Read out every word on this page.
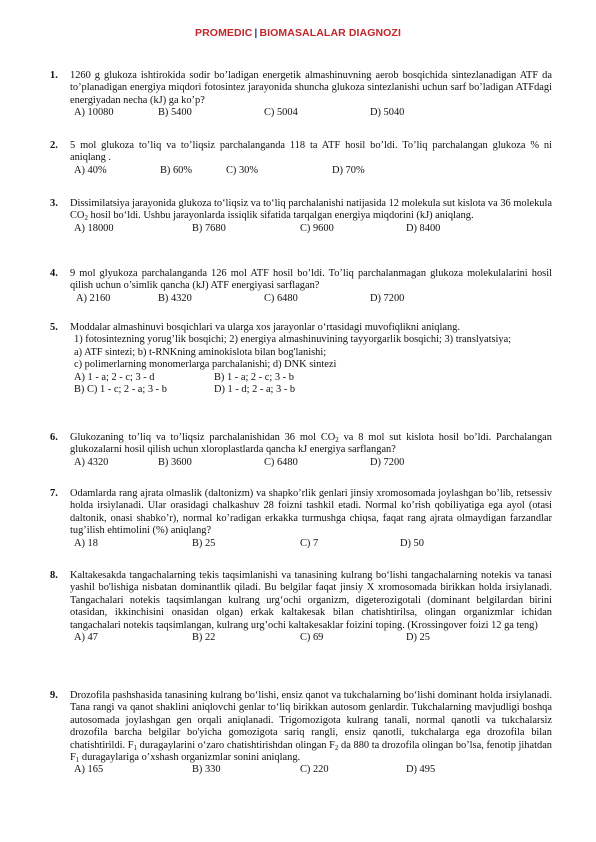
PROMEDIC | BIOMASALALAR DIAGNOZI
1. 1260 g glukoza ishtirokida sodir bo’ladigan energetik almashinuvning aerob bosqichida sintezlanadigan ATF da to’planadigan energiya miqdori fotosintez jarayonida shuncha glukoza sintezlanishi uchun sarf bo’ladigan ATFdagi energiyadan necha (kJ) ga ko’p?
A) 10080	B) 5400	C) 5004	D) 5040
2. 5 mol glukoza to’liq va to’liqsiz parchalanganda 118 ta ATF hosil bo’ldi. To’liq parchalangan glukoza % ni aniqlang .
A) 40%	B) 60%	C) 30%	D) 70%
3. Dissimilatsiya jarayonida glukoza to‘liqsiz va to‘liq parchalanishi natijasida 12 molekula sut kislota va 36 molekula $CO_2$ hosil bo‘ldi. Ushbu jarayonlarda issiqlik sifatida tarqalgan energiya miqdorini (kJ) aniqlang.
A) 18000	B) 7680	C) 9600	D) 8400
4. 9 mol glyukoza parchalanganda 126 mol ATF hosil bo’ldi. To’liq parchalanmagan glukoza molekulalarini hosil qilish uchun o’simlik qancha (kJ) ATF energiyasi sarflagan?
A) 2160	B) 4320	C) 6480	D) 7200
5. Moddalar almashinuvi bosqichlari va ularga xos jarayonlar o‘rtasidagi muvofiqlikni aniqlang.
1) fotosintezning yorug’lik bosqichi; 2) energiya almashinuvining tayyorgarlik bosqichi; 3) translyatsiya;
a) ATF sintezi; b) t-RNKning aminokislota bilan bog'lanishi;
c) polimerlarning monomerlarga parchalanishi; d) DNK sintezi
A) 1 - a; 2 - c; 3 - d	B) 1 - a; 2 - c; 3 - b
B) C) 1 - c; 2 - a; 3 - b	D) 1 - d; 2 - a; 3 - b
6. Glukozaning to’liq va to’liqsiz parchalanishidan 36 mol $CO_2$ va 8 mol sut kislota hosil bo’ldi. Parchalangan glukozalarni hosil qilish uchun xloroplastlarda qancha kJ energiya sarflangan?
A) 4320	B) 3600	C) 6480	D) 7200
7. Odamlarda rang ajrata olmaslik (daltonizm) va shapko’rlik genlari jinsiy xromosomada joylashgan bo’lib, retsessiv holda irsiylanadi. Ular orasidagi chalkashuv 28 foizni tashkil etadi. Normal ko’rish qobiliyatiga ega ayol (otasi daltonik, onasi shabko’r), normal ko’radigan erkakka turmushga chiqsa, faqat rang ajrata olmaydigan farzandlar tug’ilish ehtimolini (%) aniqlang?
A) 18	B) 25	C) 7	D) 50
8. Kaltakesakda tangachalarning tekis taqsimlanishi va tanasining kulrang bo‘lishi tangachalarning notekis va tanasi yashil bo'lishiga nisbatan dominantlik qiladi. Bu belgilar faqat jinsiy X xromosomada birikkan holda irsiylanadi. Tangachalari notekis taqsimlangan kulrang urg‘ochi organizm, digeterozigotali (dominant belgilardan birini otasidan, ikkinchisini onasidan olgan) erkak kaltakesak bilan chatishtirilsa, olingan organizmlar ichidan tangachalari notekis taqsimlangan, kulrang urg’ochi kaltakesaklar foizini toping. (Krossingover foizi 12 ga teng)
A) 47	B) 22	C) 69	D) 25
9. Drozofila pashshasida tanasining kulrang bo‘lishi, ensiz qanot va tukchalarning bo‘lishi dominant holda irsiylanadi. Tana rangi va qanot shaklini aniqlovchi genlar to‘liq birikkan autosom genlardir. Tukchalarning mavjudligi boshqa autosomada joylashgan gen orqali aniqlanadi. Trigomozigota kulrang tanali, normal qanotli va tukchalarsiz drozofila barcha belgilar bo'yicha gomozigota sariq rangli, ensiz qanotli, tukchalarga ega drozofila bilan chatishtirildi. $F_1$ duragaylarini o‘zaro chatishtirishdan olingan $F_2$ da 880 ta drozofila olingan bo’lsa, fenotip jihatdan $F_1$ duragaylariga o’xshash organizmlar sonini aniqlang.
A) 165	B) 330	C) 220	D) 495
